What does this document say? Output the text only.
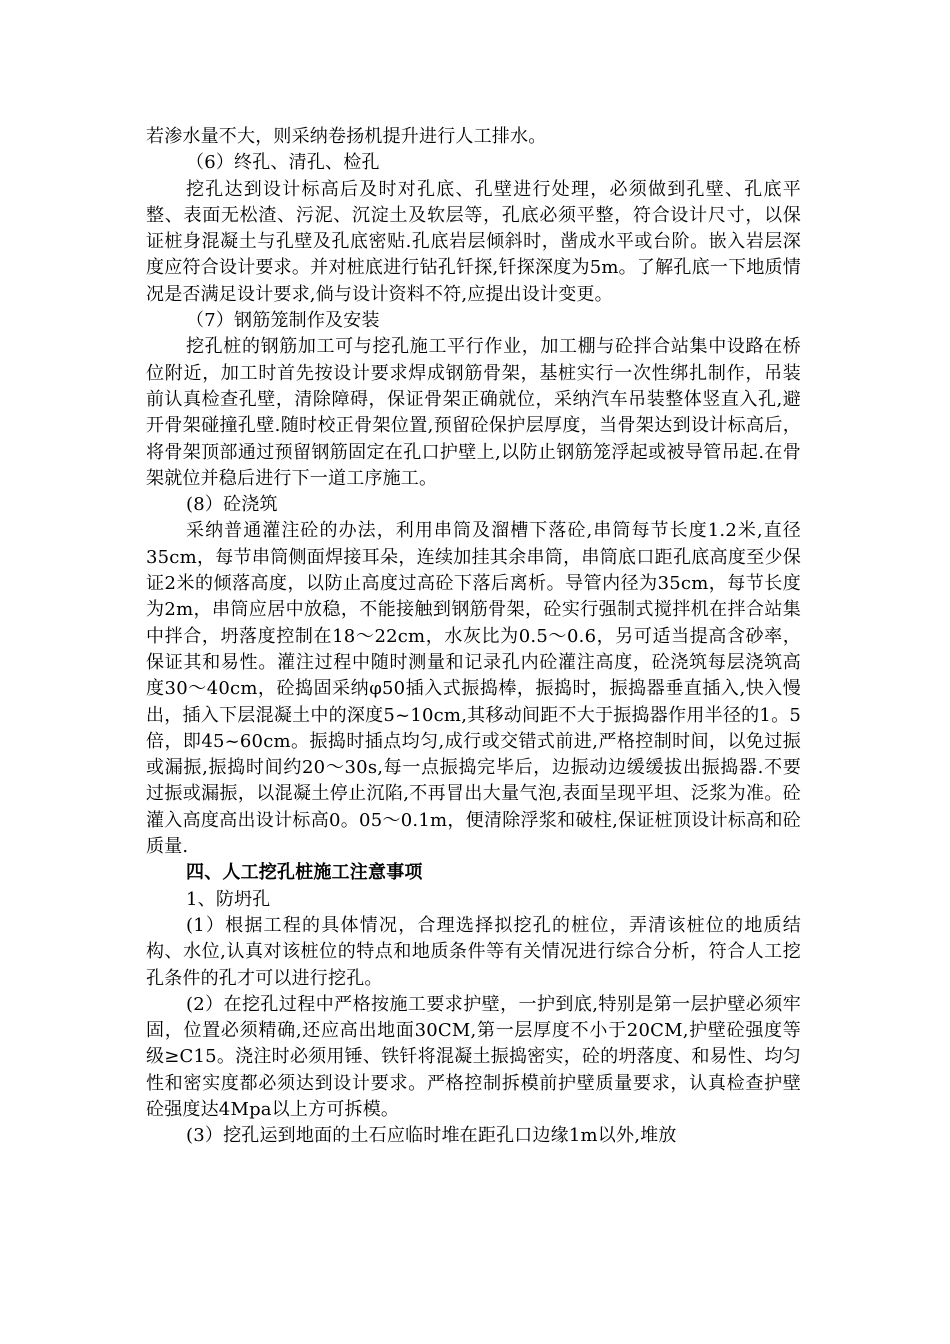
若渗水量不大，则采纳卷扬机提升进行人工排水。

（6）终孔、清孔、检孔

挖孔达到设计标高后及时对孔底、孔壁进行处理，必须做到孔壁、孔底平整、表面无松渣、污泥、沉淀土及软层等，孔底必须平整，符合设计尺寸，以保证桩身混凝土与孔壁及孔底密贴.孔底岩层倾斜时，凿成水平或台阶。嵌入岩层深度应符合设计要求。并对桩底进行钻孔钎探,钎探深度为5m。了解孔底一下地质情况是否满足设计要求,倘与设计资料不符,应提出设计变更。

（7）钢筋笼制作及安装

挖孔桩的钢筋加工可与挖孔施工平行作业，加工棚与砼拌合站集中设路在桥位附近，加工时首先按设计要求焊成钢筋骨架，基桩实行一次性绑扎制作，吊装前认真检查孔壁，清除障碍，保证骨架正确就位，采纳汽车吊装整体竖直入孔,避开骨架碰撞孔壁.随时校正骨架位置,预留砼保护层厚度，当骨架达到设计标高后，将骨架顶部通过预留钢筋固定在孔口护壁上,以防止钢筋笼浮起或被导管吊起.在骨架就位并稳后进行下一道工序施工。

(8）砼浇筑

采纳普通灌注砼的办法，利用串筒及溜槽下落砼,串筒每节长度1.2米,直径35cm，每节串筒侧面焊接耳朵，连续加挂其余串筒，串筒底口距孔底高度至少保证2米的倾落高度，以防止高度过高砼下落后离析。导管内径为35cm，每节长度为2m，串筒应居中放稳，不能接触到钢筋骨架，砼实行强制式搅拌机在拌合站集中拌合，坍落度控制在18～22cm，水灰比为0.5～0.6，另可适当提高含砂率，保证其和易性。灌注过程中随时测量和记录孔内砼灌注高度，砼浇筑每层浇筑高度30～40cm，砼捣固采纳φ50插入式振捣棒，振捣时，振捣器垂直插入,快入慢出，插入下层混凝土中的深度5~10cm,其移动间距不大于振捣器作用半径的1。5倍，即45~60cm。振捣时插点均匀,成行或交错式前进,严格控制时间，以免过振或漏振,振捣时间约20～30s,每一点振捣完毕后，边振动边缓缓拔出振捣器.不要过振或漏振，以混凝土停止沉陷,不再冒出大量气泡,表面呈现平坦、泛浆为准。砼灌入高度高出设计标高0。05～0.1m，便清除浮浆和破柱,保证桩顶设计标高和砼质量.

四、人工挖孔桩施工注意事项

1、防坍孔

(1）根据工程的具体情况，合理选择拟挖孔的桩位，弄清该桩位的地质结构、水位,认真对该桩位的特点和地质条件等有关情况进行综合分析，符合人工挖孔条件的孔才可以进行挖孔。

(2）在挖孔过程中严格按施工要求护壁，一护到底,特别是第一层护壁必须牢固，位置必须精确,还应高出地面30CM,第一层厚度不小于20CM,护壁砼强度等级≥C15。浇注时必须用锤、铁钎将混凝土振捣密实，砼的坍落度、和易性、均匀性和密实度都必须达到设计要求。严格控制拆模前护壁质量要求，认真检查护壁砼强度达4Mpa以上方可拆模。

(3）挖孔运到地面的土石应临时堆在距孔口边缘1m以外,堆放
